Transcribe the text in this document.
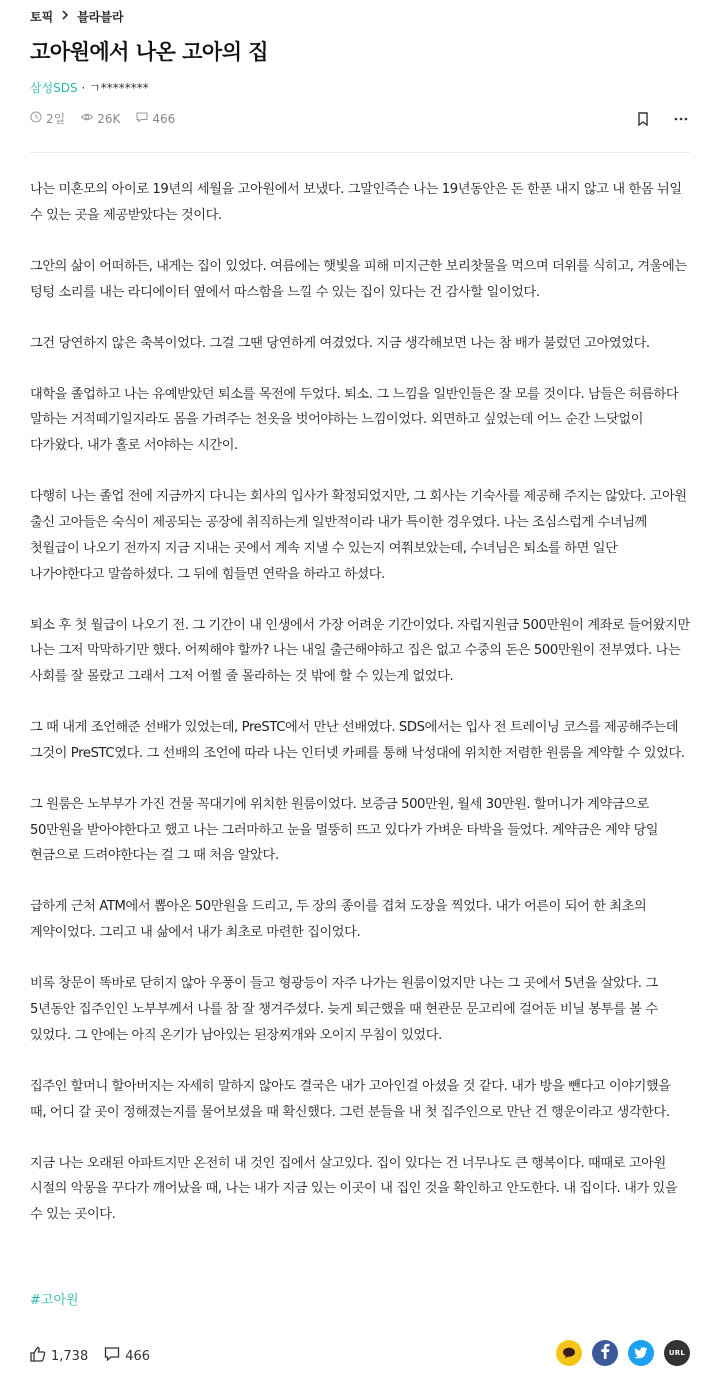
토픽 블라블라
고아원에서 나온 고아의 집
삼성SDS · ㄱ********
2일	26K	466

나는 미혼모의 아이로 19년의 세월을 고아원에서 보냈다. 그말인즉슨 나는 19년동안은 돈 한푼 내지 않고 내 한몸 뉘일 수 있는 곳을 제공받았다는 것이다.

그안의 삶이 어떠하든, 내게는 집이 있었다. 여름에는 햇빛을 피해 미지근한 보리찻물을 먹으며 더위를 식히고, 겨울에는 텅텅 소리를 내는 라디에이터 옆에서 따스함을 느낄 수 있는 집이 있다는 건 감사할 일이었다.

그건 당연하지 않은 축복이었다. 그걸 그땐 당연하게 여겼었다. 지금 생각해보면 나는 참 배가 불렀던 고아였었다.

대학을 졸업하고 나는 유예받았던 퇴소를 목전에 두었다. 퇴소. 그 느낌을 일반인들은 잘 모를 것이다. 남들은 허름하다 말하는 거적떼기일지라도 몸을 가려주는 천옷을 벗어야하는 느낌이었다. 외면하고 싶었는데 어느 순간 느닷없이 다가왔다. 내가 홀로 서야하는 시간이.

다행히 나는 졸업 전에 지금까지 다니는 회사의 입사가 확정되었지만, 그 회사는 기숙사를 제공해 주지는 않았다. 고아원 출신 고아들은 숙식이 제공되는 공장에 취직하는게 일반적이라 내가 특이한 경우였다. 나는 조심스럽게 수녀님께 첫월급이 나오기 전까지 지금 지내는 곳에서 계속 지낼 수 있는지 여쭤보았는데, 수녀님은 퇴소를 하면 일단 나가야한다고 말씀하셨다. 그 뒤에 힘들면 연락을 하라고 하셨다.

퇴소 후 첫 월급이 나오기 전. 그 기간이 내 인생에서 가장 어려운 기간이었다. 자립지원금 500만원이 계좌로 들어왔지만 나는 그저 막막하기만 했다. 어찌해야 할까? 나는 내일 출근해야하고 집은 없고 수중의 돈은 500만원이 전부였다. 나는 사회를 잘 몰랐고 그래서 그저 어쩔 줄 몰라하는 것 밖에 할 수 있는게 없었다.

그 때 내게 조언해준 선배가 있었는데, PreSTC에서 만난 선배였다. SDS에서는 입사 전 트레이닝 코스를 제공해주는데 그것이 PreSTC였다. 그 선배의 조언에 따라 나는 인터넷 카페를 통해 낙성대에 위치한 저렴한 원룸을 계약할 수 있었다.

그 원룸은 노부부가 가진 건물 꼭대기에 위치한 원룸이었다. 보증금 500만원, 월세 30만원. 할머니가 계약금으로 50만원을 받아야한다고 했고 나는 그러마하고 눈을 멀뚱히 뜨고 있다가 가벼운 타박을 들었다. 계약금은 계약 당일 현금으로 드려야한다는 걸 그 때 처음 알았다.

급하게 근처 ATM에서 뽑아온 50만원을 드리고, 두 장의 종이를 겹쳐 도장을 찍었다. 내가 어른이 되어 한 최초의 계약이었다. 그리고 내 삶에서 내가 최초로 마련한 집이었다.

비록 창문이 똑바로 닫히지 않아 우풍이 들고 형광등이 자주 나가는 원룸이었지만 나는 그 곳에서 5년을 살았다. 그 5년동안 집주인인 노부부께서 나를 참 잘 챙겨주셨다. 늦게 퇴근했을 때 현관문 문고리에 걸어둔 비닐 봉투를 볼 수 있었다. 그 안에는 아직 온기가 남아있는 된장찌개와 오이지 무침이 있었다.

집주인 할머니 할아버지는 자세히 말하지 않아도 결국은 내가 고아인걸 아셨을 것 같다. 내가 방을 뺀다고 이야기했을 때, 어디 갈 곳이 정해졌는지를 물어보셨을 때 확신했다. 그런 분들을 내 첫 집주인으로 만난 건 행운이라고 생각한다.

지금 나는 오래된 아파트지만 온전히 내 것인 집에서 살고있다. 집이 있다는 건 너무나도 큰 행복이다. 때때로 고아원 시절의 악몽을 꾸다가 깨어났을 때, 나는 내가 지금 있는 이곳이 내 집인 것을 확인하고 안도한다. 내 집이다. 내가 있을 수 있는 곳이다.

#고아원
1,738	466	URL
